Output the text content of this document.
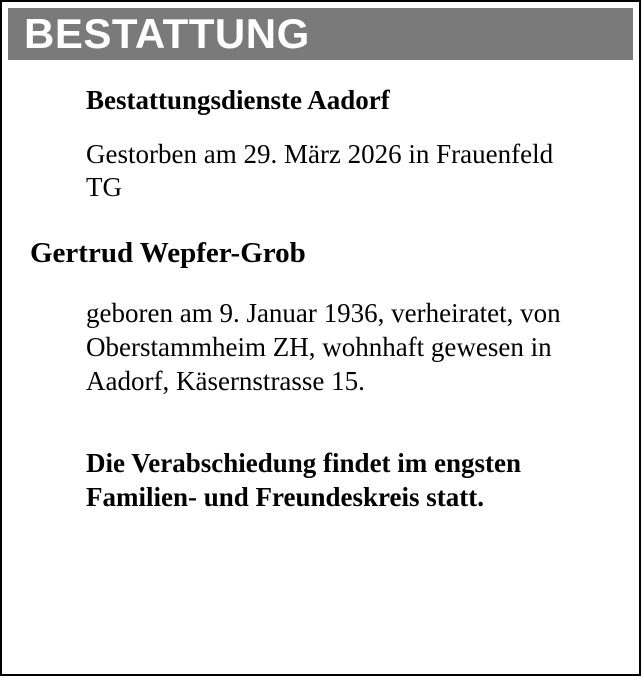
BESTATTUNG
Bestattungsdienste Aadorf
Gestorben am 29. März 2026 in Frauenfeld TG
Gertrud Wepfer-Grob
geboren am 9. Januar 1936, verheiratet, von Oberstammheim ZH, wohnhaft gewesen in Aadorf, Käsernstrasse 15.
Die Verabschiedung findet im engsten Familien- und Freundeskreis statt.
